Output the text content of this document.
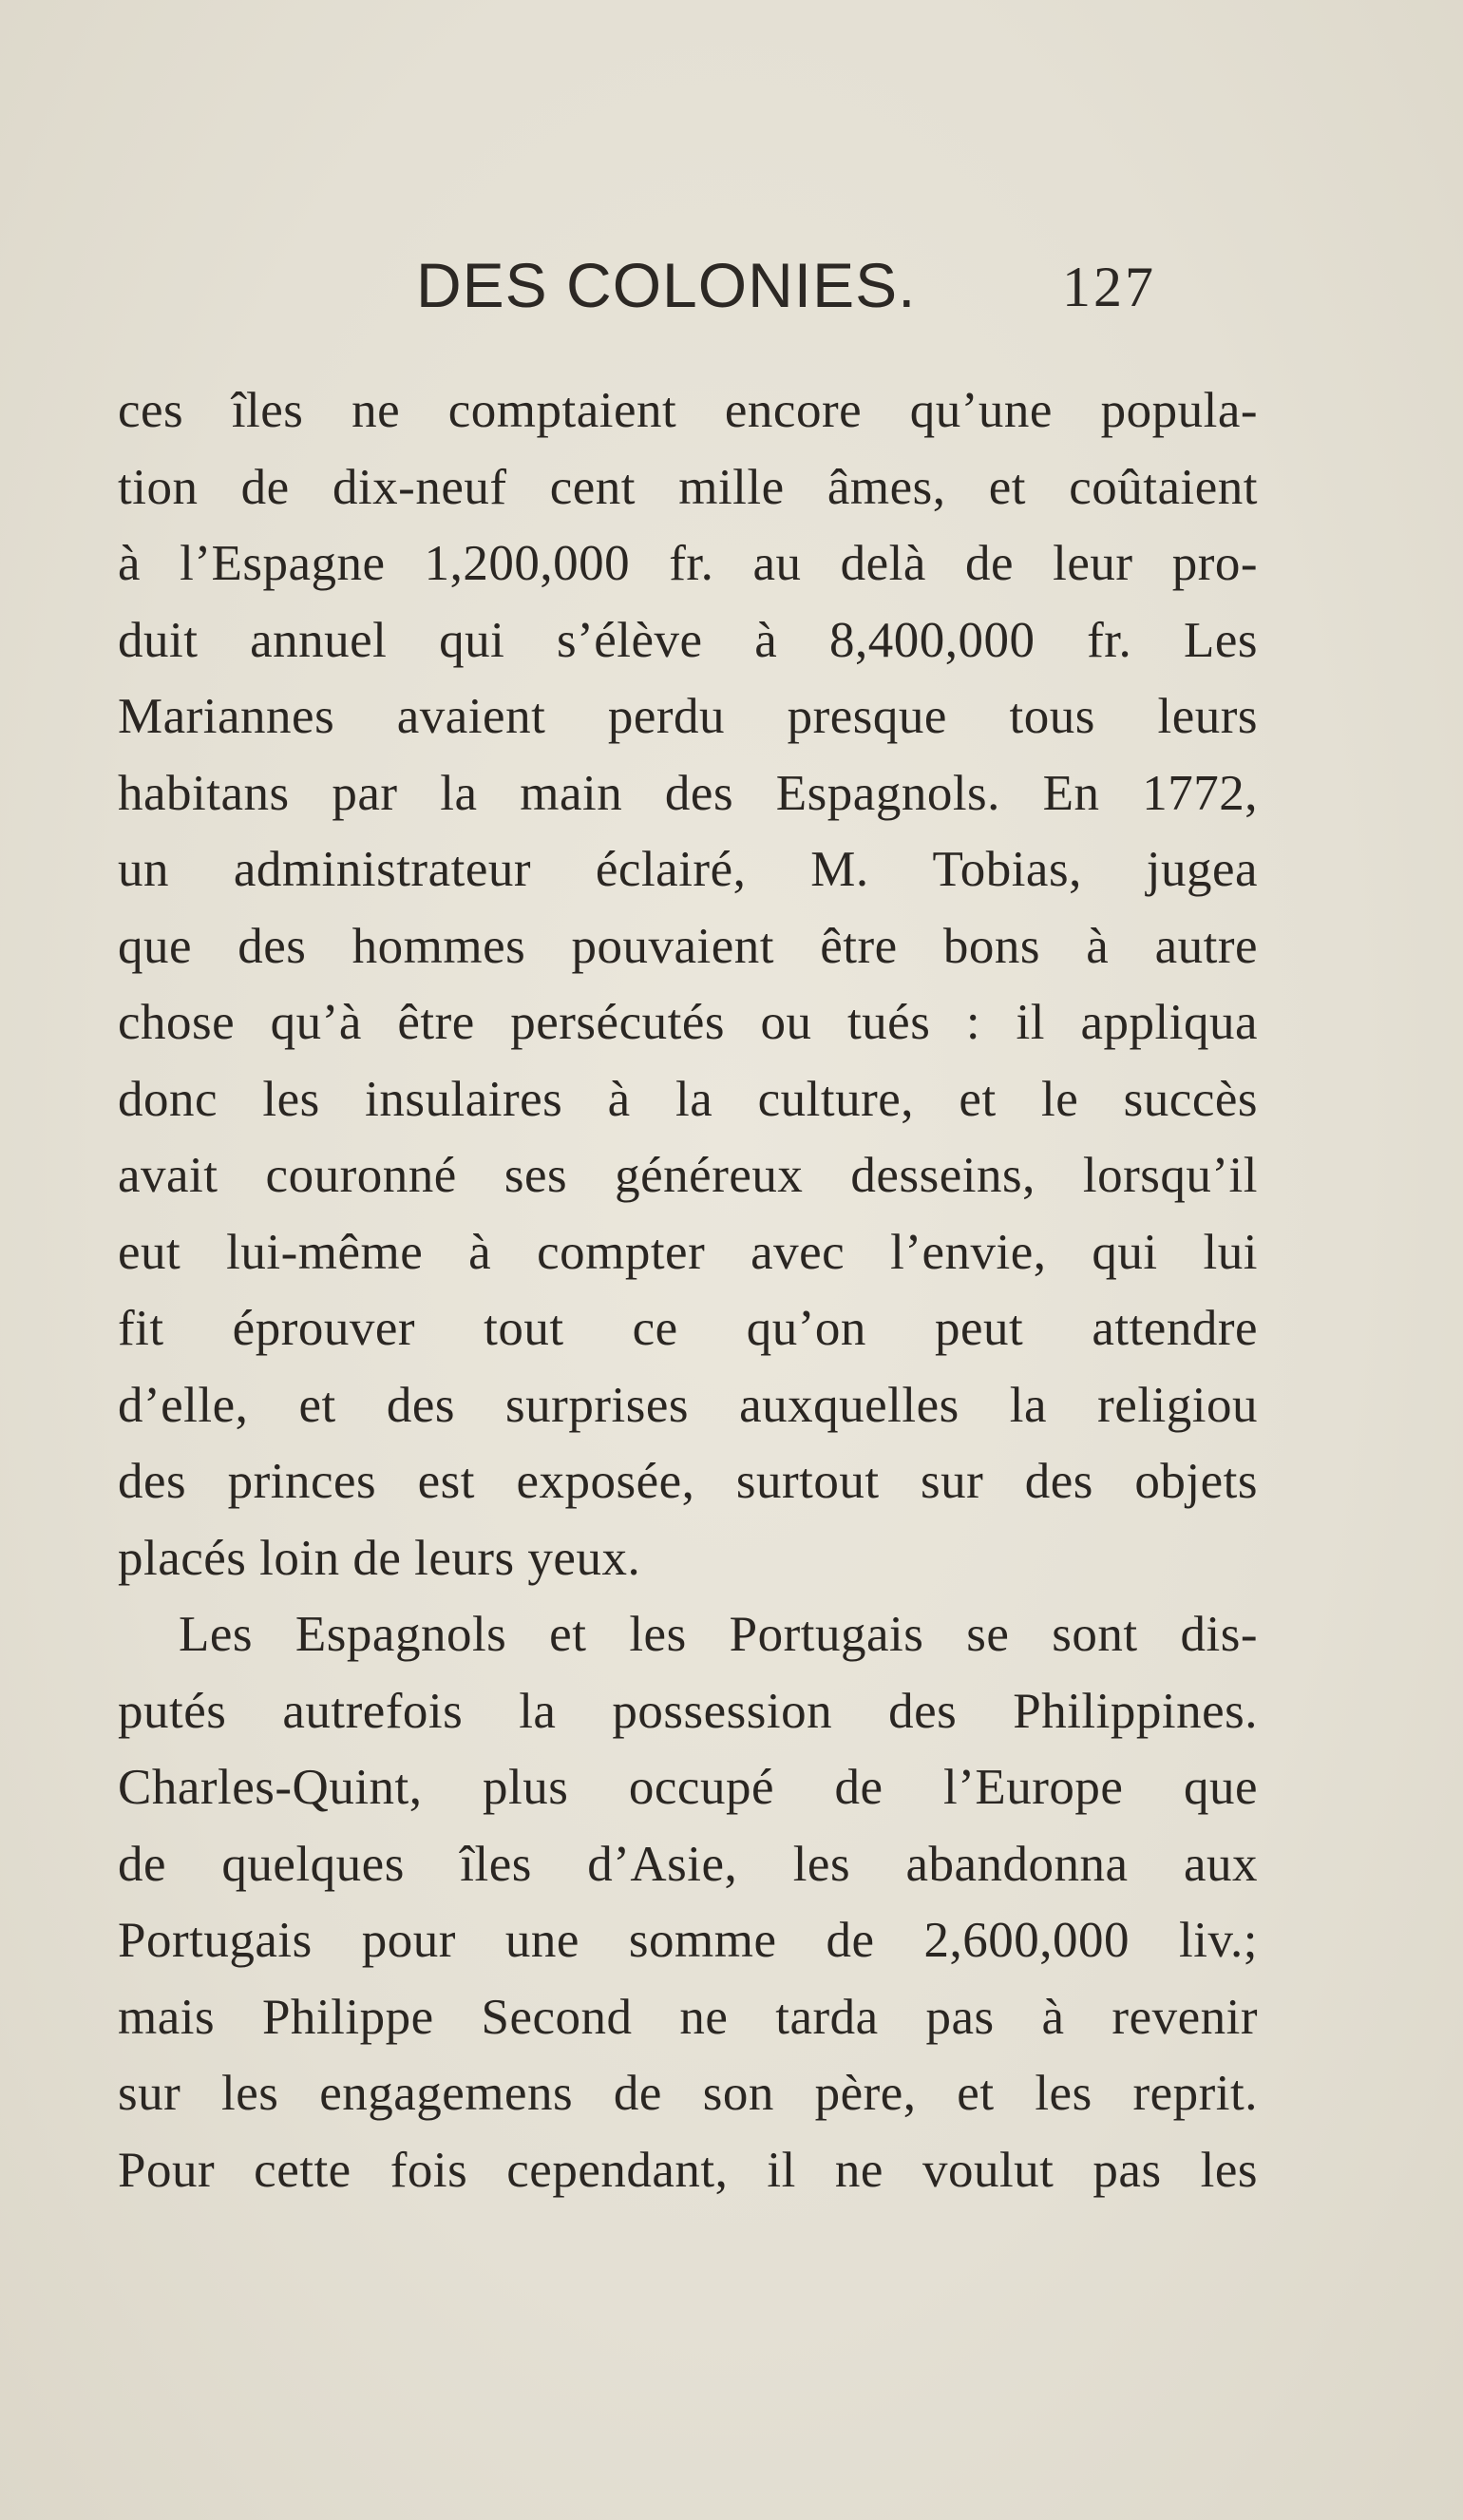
DES COLONIES.	127
ces îles ne comptaient encore qu’une popula-
tion de dix-neuf cent mille âmes, et coûtaient
à l’Espagne 1,200,000 fr. au delà de leur pro-
duit annuel qui s’élève à 8,400,000 fr. Les
Mariannes avaient perdu presque tous leurs
habitans par la main des Espagnols. En 1772,
un administrateur éclairé, M. Tobias, jugea
que des hommes pouvaient être bons à autre
chose qu’à être persécutés ou tués : il appliqua
donc les insulaires à la culture, et le succès
avait couronné ses généreux desseins, lorsqu’il
eut lui-même à compter avec l’envie, qui lui
fit éprouver tout ce qu’on peut attendre
d’elle, et des surprises auxquelles la religiou
des princes est exposée, surtout sur des objets
placés loin de leurs yeux.
Les Espagnols et les Portugais se sont dis-
putés autrefois la possession des Philippines.
Charles-Quint, plus occupé de l’Europe que
de quelques îles d’Asie, les abandonna aux
Portugais pour une somme de 2,600,000 liv.;
mais Philippe Second ne tarda pas à revenir
sur les engagemens de son père, et les reprit.
Pour cette fois cependant, il ne voulut pas les
